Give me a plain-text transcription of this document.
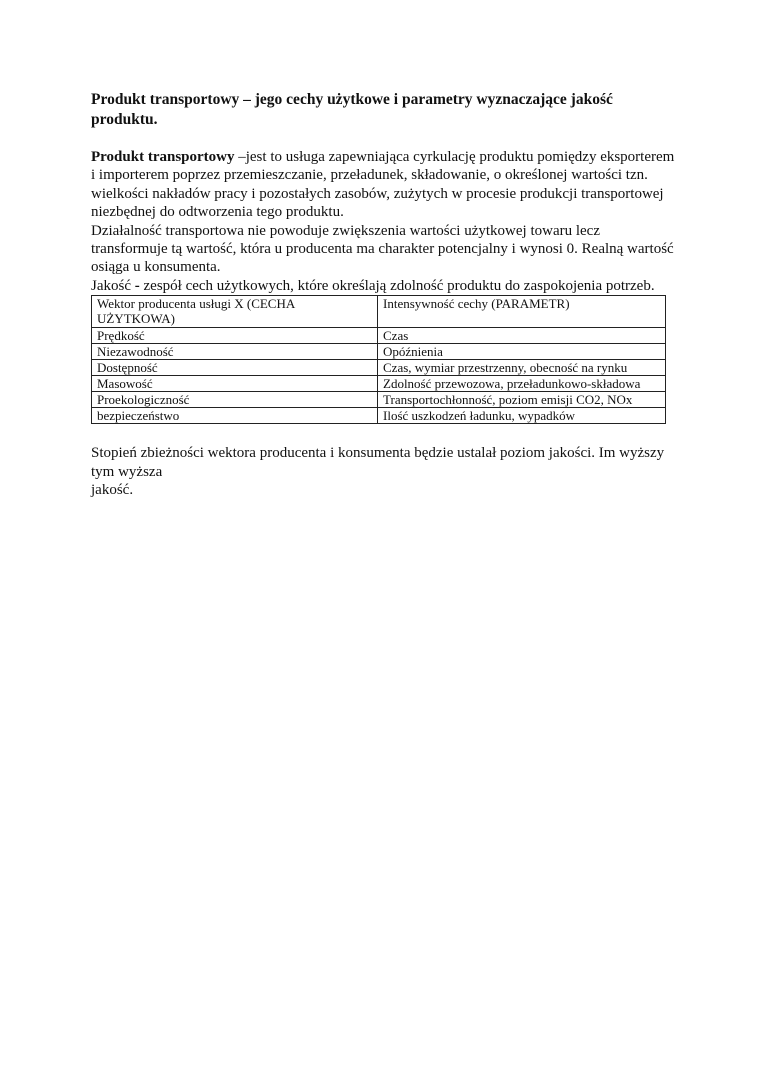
Produkt transportowy – jego cechy użytkowe i parametry wyznaczające jakość produktu.

Produkt transportowy –jest to usługa zapewniająca cyrkulację produktu pomiędzy eksporterem i importerem poprzez przemieszczanie, przeładunek, składowanie, o określonej wartości tzn. wielkości nakładów pracy i pozostałych zasobów, zużytych w procesie produkcji transportowej niezbędnej do odtworzenia tego produktu.

Działalność transportowa nie powoduje zwiększenia wartości użytkowej towaru lecz transformuje tą wartość, która u producenta ma charakter potencjalny i wynosi 0. Realną wartość osiąga u konsumenta.

Jakość - zespół cech użytkowych, które określają zdolność produktu do zaspokojenia potrzeb.

Wektor producenta usługi X (CECHA UŻYTKOWA)	Intensywność cechy (PARAMETR)
Prędkość	Czas
Niezawodność	Opóźnienia
Dostępność	Czas, wymiar przestrzenny, obecność na rynku
Masowość	Zdolność przewozowa, przeładunkowo-składowa
Proekologiczność	Transportochłonność, poziom emisji CO2, NOx
bezpieczeństwo	Ilość uszkodzeń ładunku, wypadków
Stopień zbieżności wektora producenta i konsumenta będzie ustalał poziom jakości. Im wyższy tym wyższa
jakość.
